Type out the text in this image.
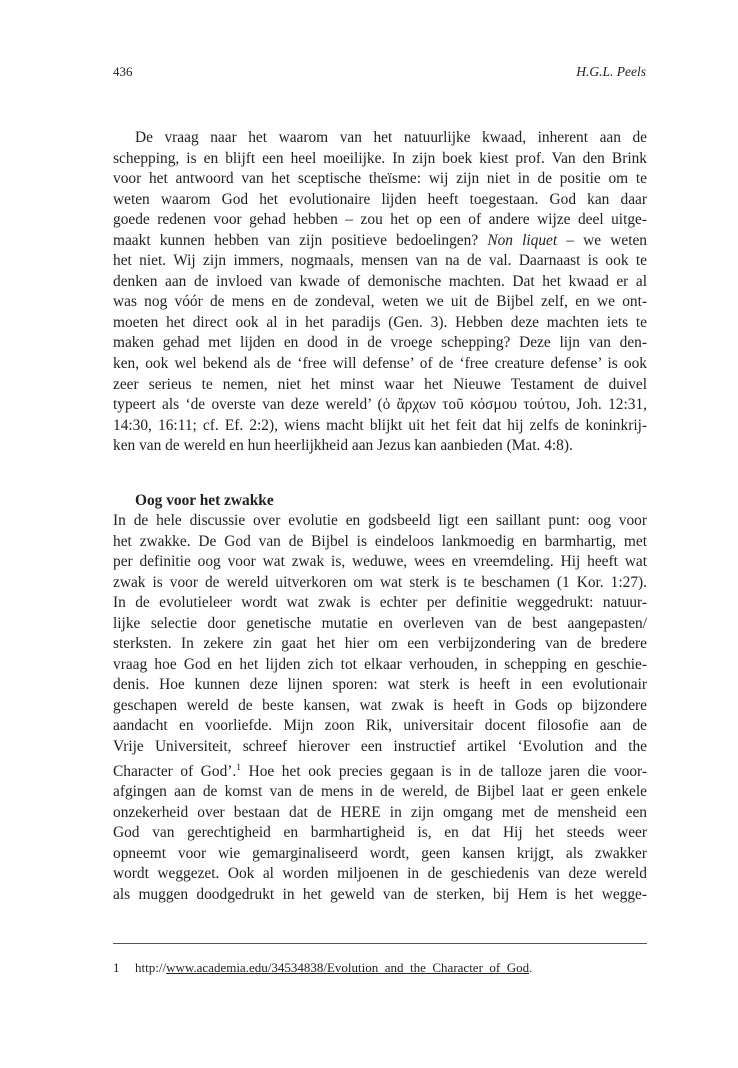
436	H.G.L. Peels

De vraag naar het waarom van het natuurlijke kwaad, inherent aan de
schepping, is en blijft een heel moeilijke. In zijn boek kiest prof. Van den Brink
voor het antwoord van het sceptische theïsme: wij zijn niet in de positie om te
weten waarom God het evolutionaire lijden heeft toegestaan. God kan daar
goede redenen voor gehad hebben – zou het op een of andere wijze deel uitge-
maakt kunnen hebben van zijn positieve bedoelingen? Non liquet – we weten
het niet. Wij zijn immers, nogmaals, mensen van na de val. Daarnaast is ook te
denken aan de invloed van kwade of demonische machten. Dat het kwaad er al
was nog vóór de mens en de zondeval, weten we uit de Bijbel zelf, en we ont-
moeten het direct ook al in het paradijs (Gen. 3). Hebben deze machten iets te
maken gehad met lijden en dood in de vroege schepping? Deze lijn van den-
ken, ook wel bekend als de ‘free will defense’ of de ‘free creature defense’ is ook
zeer serieus te nemen, niet het minst waar het Nieuwe Testament de duivel
typeert als ‘de overste van deze wereld’ (ὁ ἄρχων τοῦ κόσμου τούτου, Joh. 12:31,
14:30, 16:11; cf. Ef. 2:2), wiens macht blijkt uit het feit dat hij zelfs de koninkrij-
ken van de wereld en hun heerlijkheid aan Jezus kan aanbieden (Mat. 4:8).

Oog voor het zwakke

In de hele discussie over evolutie en godsbeeld ligt een saillant punt: oog voor
het zwakke. De God van de Bijbel is eindeloos lankmoedig en barmhartig, met
per definitie oog voor wat zwak is, weduwe, wees en vreemdeling. Hij heeft wat
zwak is voor de wereld uitverkoren om wat sterk is te beschamen (1 Kor. 1:27).
In de evolutieleer wordt wat zwak is echter per definitie weggedrukt: natuur-
lijke selectie door genetische mutatie en overleven van de best aangepasten/
sterksten. In zekere zin gaat het hier om een verbijzondering van de bredere
vraag hoe God en het lijden zich tot elkaar verhouden, in schepping en geschie-
denis. Hoe kunnen deze lijnen sporen: wat sterk is heeft in een evolutionair
geschapen wereld de beste kansen, wat zwak is heeft in Gods op bijzondere
aandacht en voorliefde. Mijn zoon Rik, universitair docent filosofie aan de
Vrije Universiteit, schreef hierover een instructief artikel ‘Evolution and the
Character of God’.$^1$ Hoe het ook precies gegaan is in de talloze jaren die voor-
afgingen aan de komst van de mens in de wereld, de Bijbel laat er geen enkele
onzekerheid over bestaan dat de HERE in zijn omgang met de mensheid een
God van gerechtigheid en barmhartigheid is, en dat Hij het steeds weer
opneemt voor wie gemarginaliseerd wordt, geen kansen krijgt, als zwakker
wordt weggezet. Ook al worden miljoenen in de geschiedenis van deze wereld
als muggen doodgedrukt in het geweld van de sterken, bij Hem is het wegge-

1 http://www.academia.edu/34534838/Evolution_and_the_Character_of_God.
